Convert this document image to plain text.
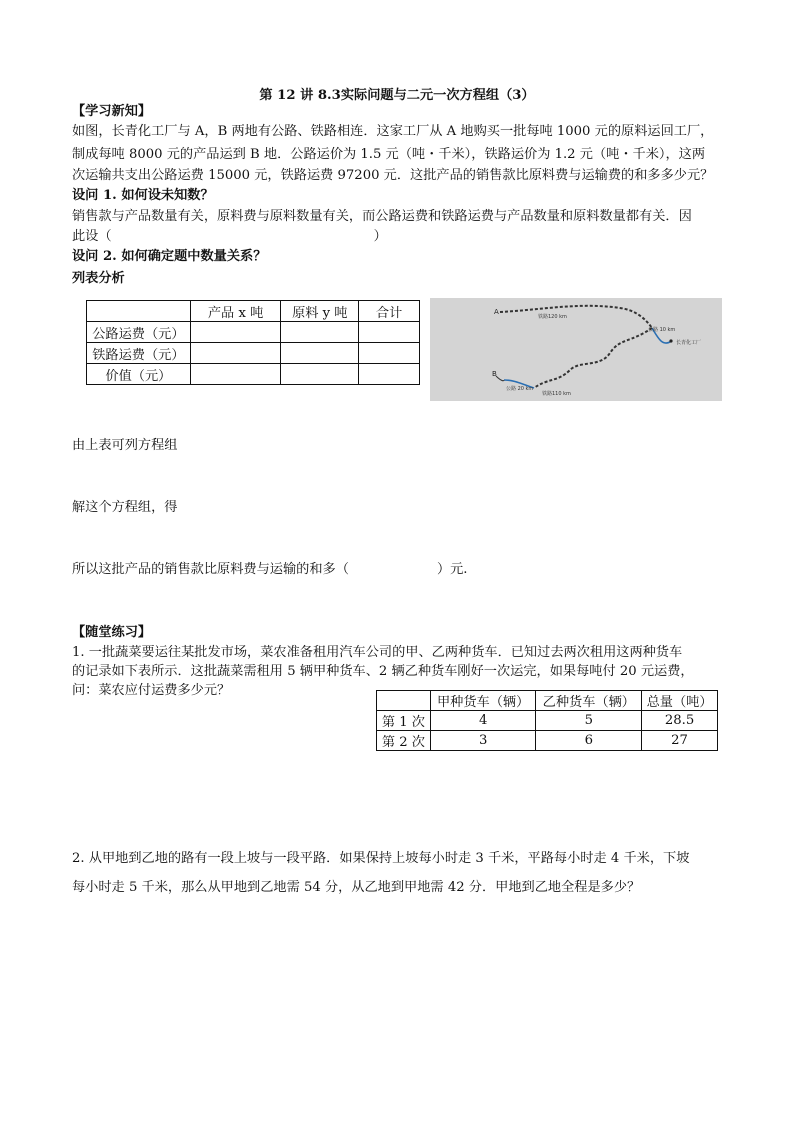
第 12 讲 8.3实际问题与二元一次方程组（3）
【学习新知】
如图，长青化工厂与 A，B 两地有公路、铁路相连．这家工厂从 A 地购买一批每吨 1000 元的原料运回工厂，
制成每吨 8000 元的产品运到 B 地．公路运价为 1.5 元（吨・千米），铁路运价为 1.2 元（吨・千米），这两
次运输共支出公路运费 15000 元，铁路运费 97200 元．这批产品的销售款比原料费与运输费的和多多少元？
设问 1. 如何设未知数？
销售款与产品数量有关，原料费与原料数量有关，而公路运费和铁路运费与产品数量和原料数量都有关．因
此设（	）
设问 2. 如何确定题中数量关系？
列表分析
	产品 x 吨	原料 y 吨	合计
公路运费（元）			
铁路运费（元）			
价值（元）			
A
铁路120 km
公路 10 km
长青化工厂
B
公路 20 km
铁路110 km
由上表可列方程组
解这个方程组，得
所以这批产品的销售款比原料费与运输的和多（	）元.
【随堂练习】
1. 一批蔬菜要运往某批发市场，菜农准备租用汽车公司的甲、乙两种货车．已知过去两次租用这两种货车
的记录如下表所示．这批蔬菜需租用 5 辆甲种货车、2 辆乙种货车刚好一次运完，如果每吨付 20 元运费，
问：菜农应付运费多少元？
	甲种货车（辆）	乙种货车（辆）	总量（吨）
第 1 次	4	5	28.5
第 2 次	3	6	27
2. 从甲地到乙地的路有一段上坡与一段平路．如果保持上坡每小时走 3 千米，平路每小时走 4 千米，下坡
每小时走 5 千米，那么从甲地到乙地需 54 分，从乙地到甲地需 42 分．甲地到乙地全程是多少？
